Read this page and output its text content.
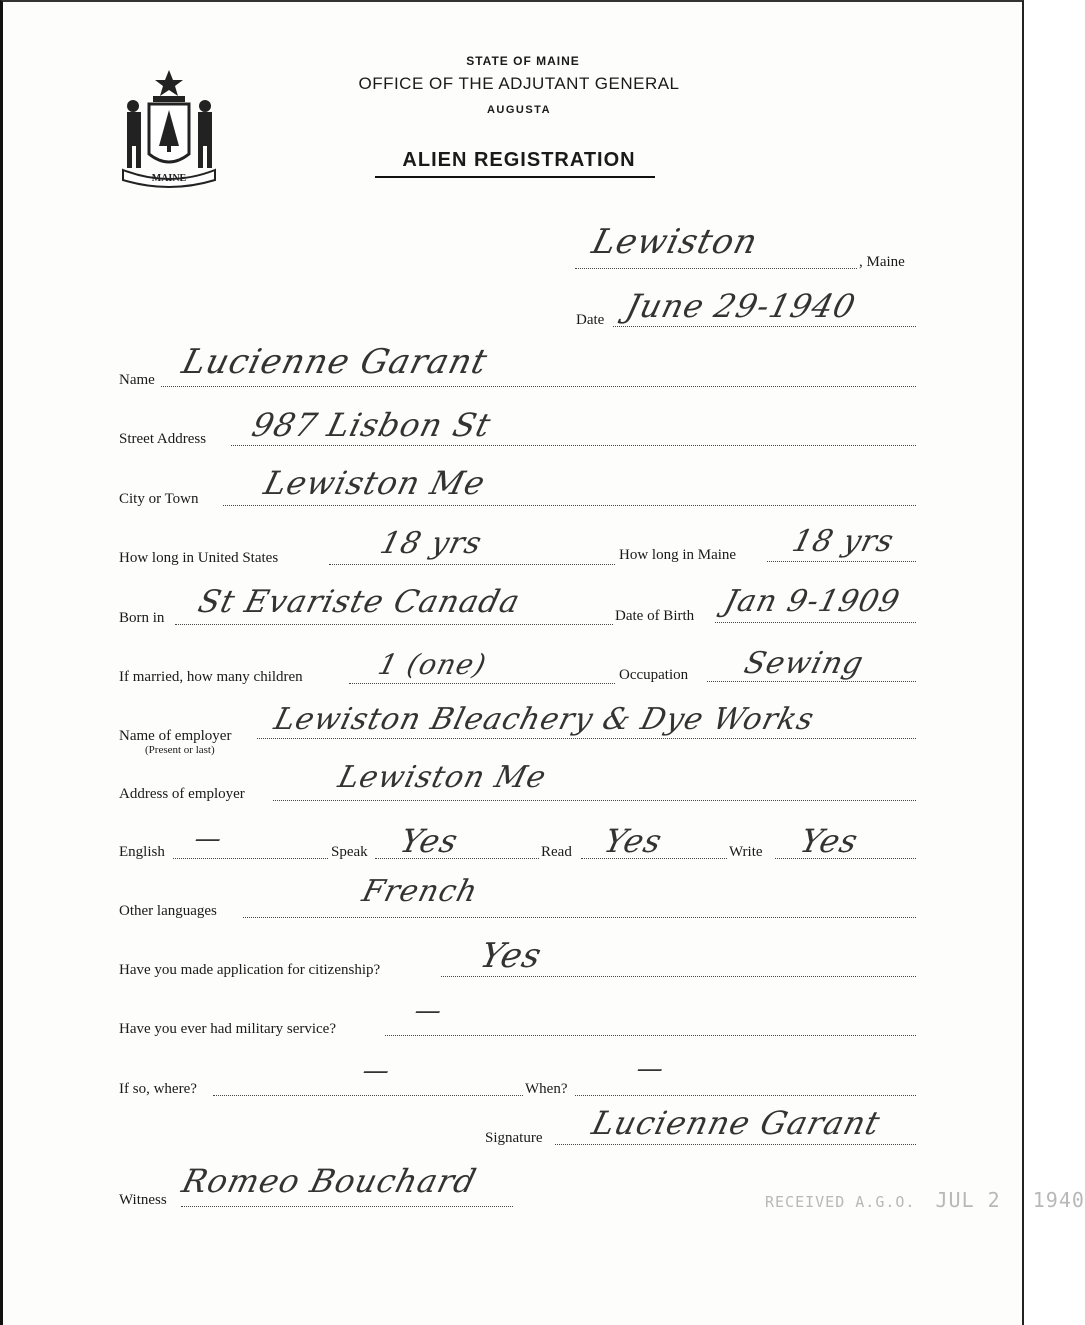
MAINE
STATE OF MAINE
OFFICE OF THE ADJUTANT GENERAL
AUGUSTA
ALIEN REGISTRATION
Lewiston	, Maine
Date June 29-1940
Name Lucienne Garant
Street Address 987 Lisbon St
City or Town Lewiston Me
How long in United States	18 yrs	How long in Maine 18 yrs
Born in St Evariste Canada	Date of Birth Jan 9-1909
If married, how many children	1 (one)	Occupation Sewing
Name of employer
(Present or last)
Lewiston Bleachery & Dye Works
Address of employer	Lewiston Me
English —	Speak Yes	Read Yes	Write Yes
Other languages
French
Have you made application for citizenship?	Yes
Have you ever had military service?
—
If so, where?
—
When?
—
Signature Lucienne Garant
Witness Romeo Bouchard
RECEIVED A.G.O. JUL 2 1940
